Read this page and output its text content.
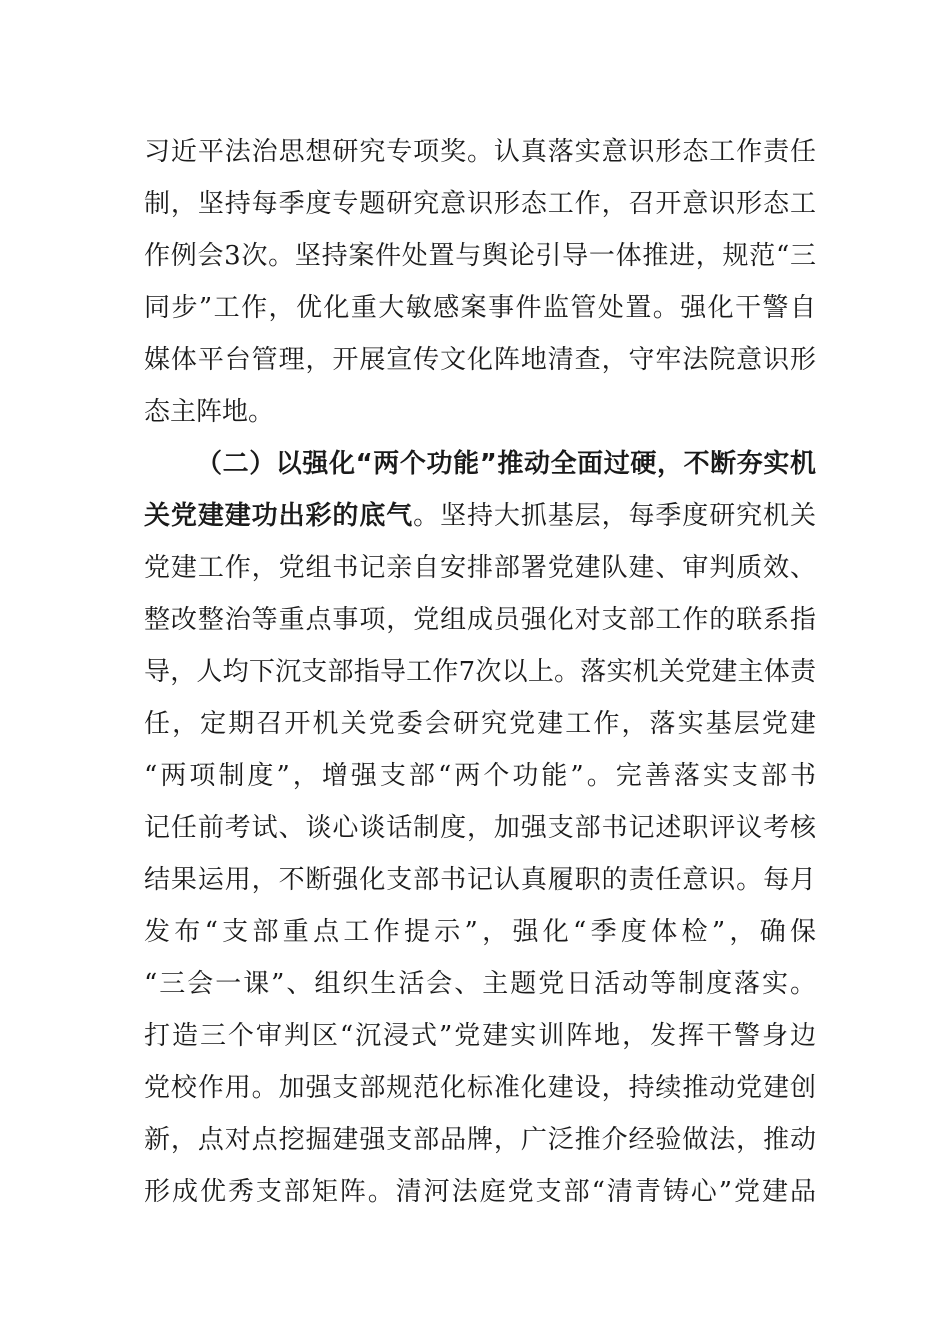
习近平法治思想研究专项奖。认真落实意识形态工作责任
制，坚持每季度专题研究意识形态工作，召开意识形态工
作例会3次。坚持案件处置与舆论引导一体推进，规范“三
同步”工作，优化重大敏感案事件监管处置。强化干警自
媒体平台管理，开展宣传文化阵地清查，守牢法院意识形
态主阵地。
（二）以强化“两个功能”推动全面过硬，不断夯实机
关党建建功出彩的底气。坚持大抓基层，每季度研究机关
党建工作，党组书记亲自安排部署党建队建、审判质效、
整改整治等重点事项，党组成员强化对支部工作的联系指
导，人均下沉支部指导工作7次以上。落实机关党建主体责
任，定期召开机关党委会研究党建工作，落实基层党建
“两项制度”，增强支部“两个功能”。完善落实支部书
记任前考试、谈心谈话制度，加强支部书记述职评议考核
结果运用，不断强化支部书记认真履职的责任意识。每月
发布“支部重点工作提示”，强化“季度体检”，确保
“三会一课”、组织生活会、主题党日活动等制度落实。
打造三个审判区“沉浸式”党建实训阵地，发挥干警身边
党校作用。加强支部规范化标准化建设，持续推动党建创
新，点对点挖掘建强支部品牌，广泛推介经验做法，推动
形成优秀支部矩阵。清河法庭党支部“清青铸心”党建品
